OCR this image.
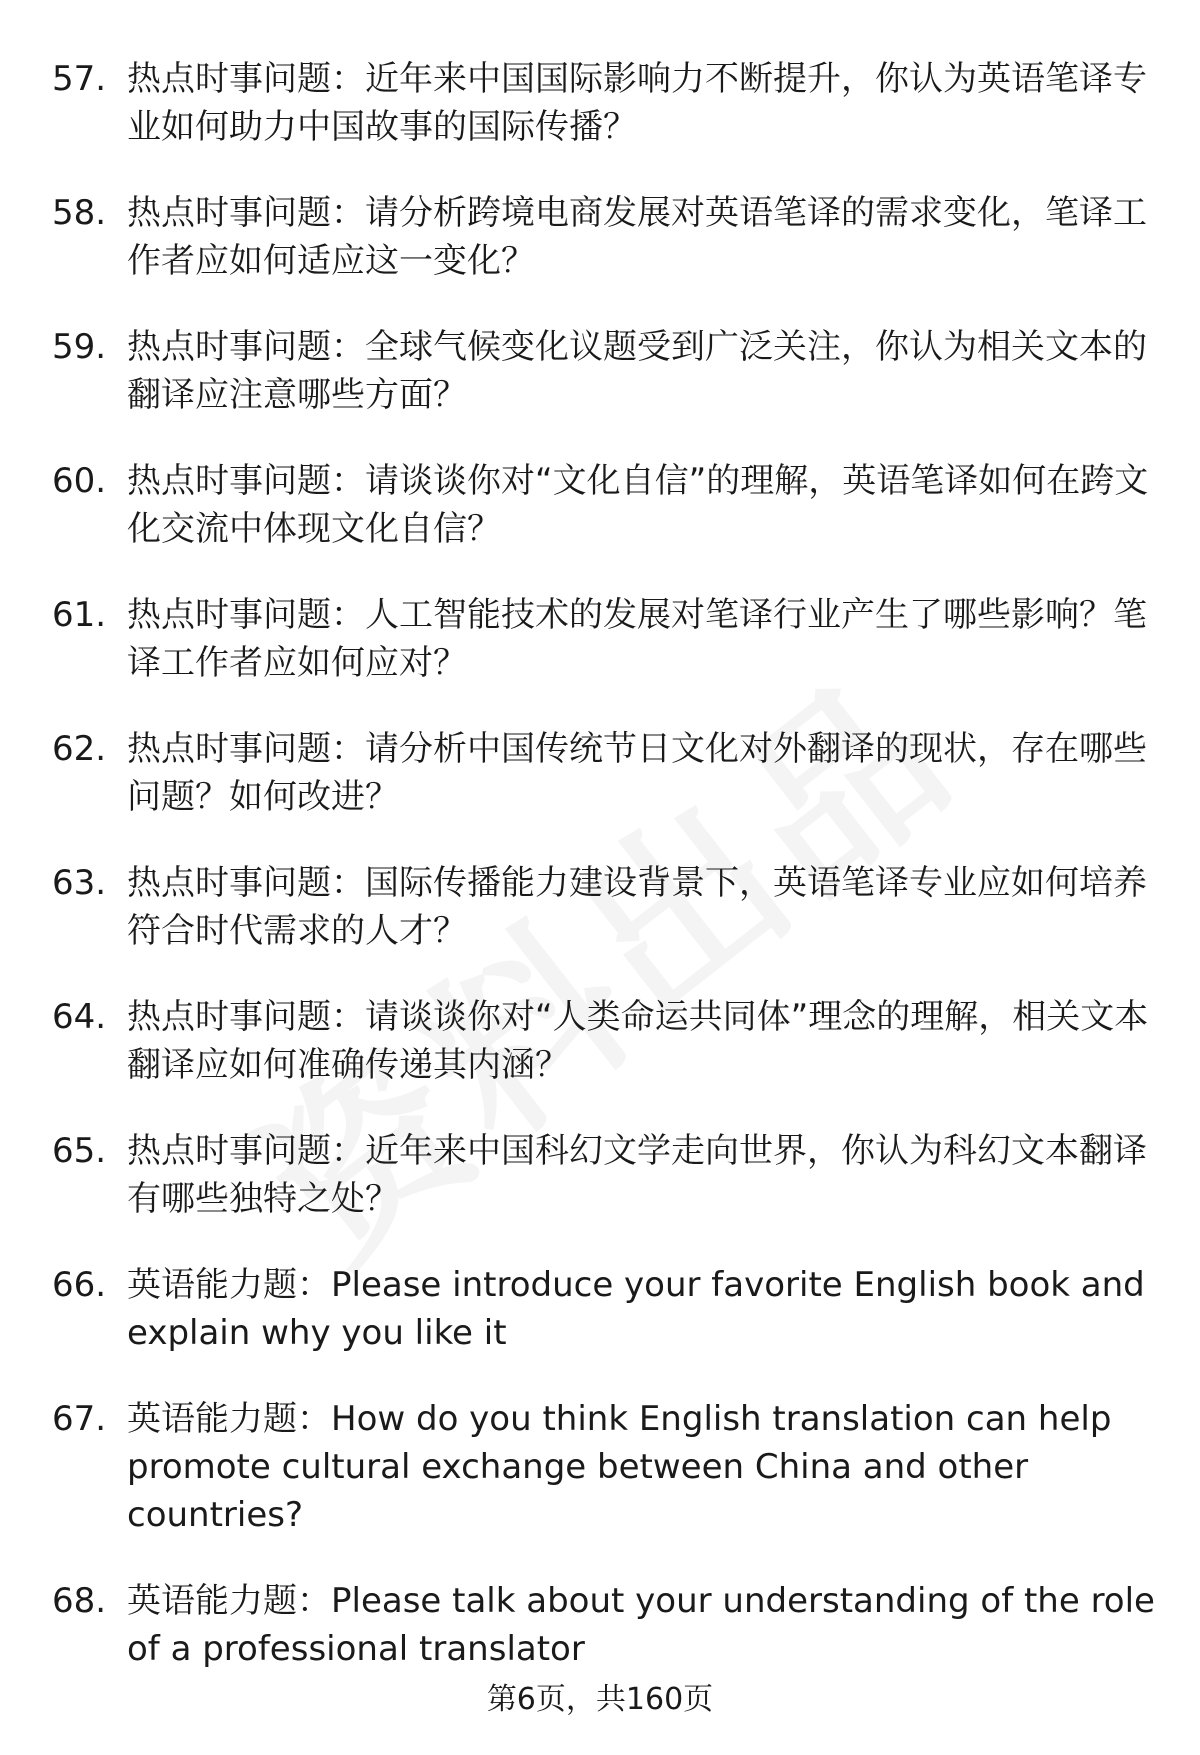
57. 热点时事问题：近年来中国国际影响力不断提升，你认为英语笔译专业如何助力中国故事的国际传播？
58. 热点时事问题：请分析跨境电商发展对英语笔译的需求变化，笔译工作者应如何适应这一变化？
59. 热点时事问题：全球气候变化议题受到广泛关注，你认为相关文本的翻译应注意哪些方面？
60. 热点时事问题：请谈谈你对“文化自信”的理解，英语笔译如何在跨文化交流中体现文化自信？
61. 热点时事问题：人工智能技术的发展对笔译行业产生了哪些影响？笔译工作者应如何应对？
62. 热点时事问题：请分析中国传统节日文化对外翻译的现状，存在哪些问题？如何改进？
63. 热点时事问题：国际传播能力建设背景下，英语笔译专业应如何培养符合时代需求的人才？
64. 热点时事问题：请谈谈你对“人类命运共同体”理念的理解，相关文本翻译应如何准确传递其内涵？
65. 热点时事问题：近年来中国科幻文学走向世界，你认为科幻文本翻译有哪些独特之处？
66. 英语能力题：Please introduce your favorite English book and explain why you like it
67. 英语能力题：How do you think English translation can help promote cultural exchange between China and other countries?
68. 英语能力题：Please talk about your understanding of the role of a professional translator
第6页，共160页
